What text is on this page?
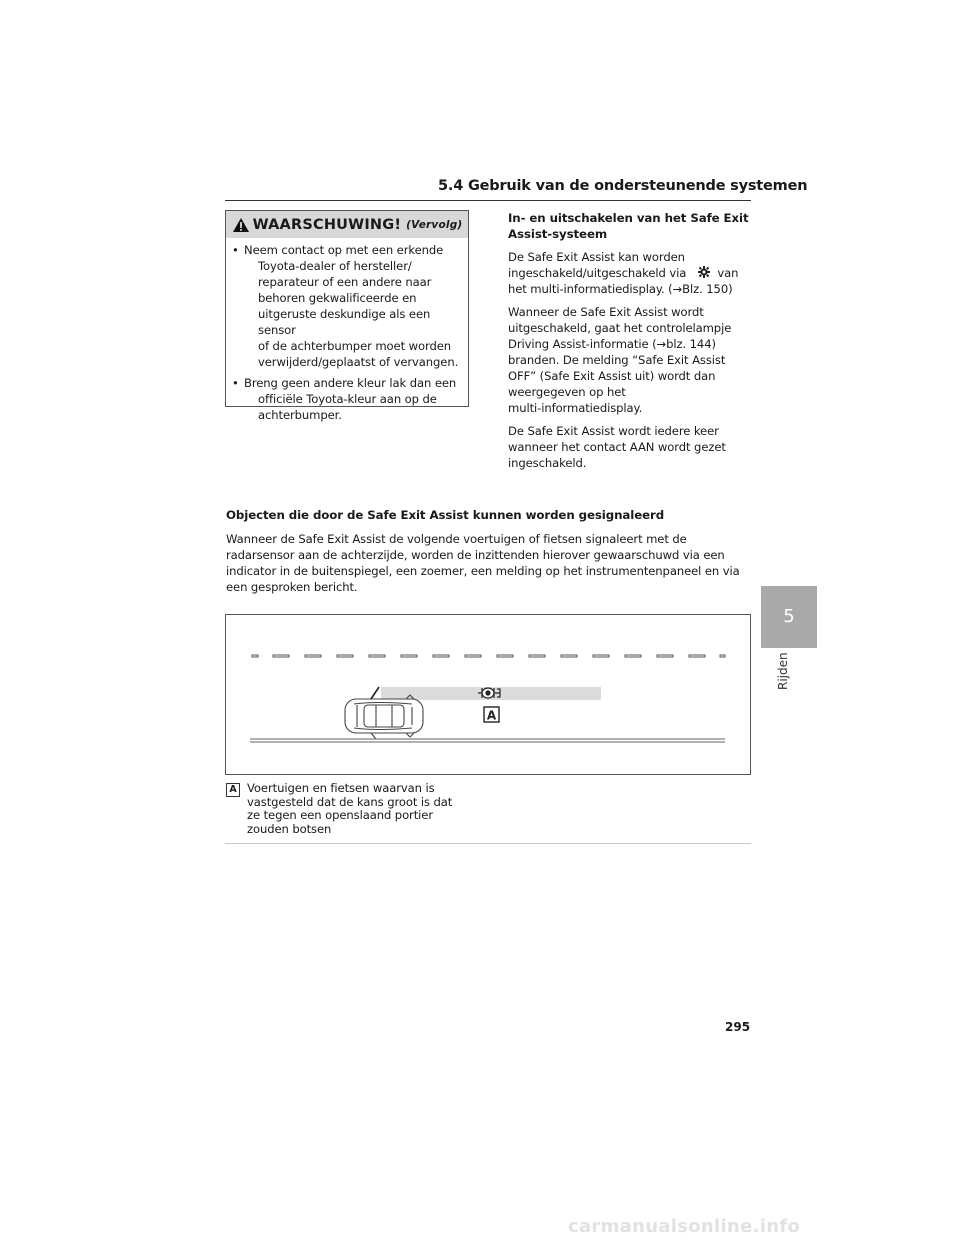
5.4 Gebruik van de ondersteunende systemen
WAARSCHUWING! (Vervolg)
• Neem contact op met een erkende
Toyota-dealer of hersteller/
reparateur of een andere naar
behoren gekwalificeerde en
uitgeruste deskundige als een sensor
of de achterbumper moet worden
verwijderd/geplaatst of vervangen.
• Breng geen andere kleur lak dan een
officiële Toyota-kleur aan op de
achterbumper.

In- en uitschakelen van het Safe Exit
Assist-systeem

De Safe Exit Assist kan worden
ingeschakeld/uitgeschakeld via	van
het multi-informatiedisplay. (→Blz. 150)

Wanneer de Safe Exit Assist wordt
uitgeschakeld, gaat het controlelampje
Driving Assist-informatie (→blz. 144)
branden. De melding “Safe Exit Assist
OFF” (Safe Exit Assist uit) wordt dan
weergegeven op het
multi-informatiedisplay.

De Safe Exit Assist wordt iedere keer
wanneer het contact AAN wordt gezet
ingeschakeld.

Objecten die door de Safe Exit Assist kunnen worden gesignaleerd
Wanneer de Safe Exit Assist de volgende voertuigen of fietsen signaleert met de
radarsensor aan de achterzijde, worden de inzittenden hierover gewaarschuwd via een
indicator in de buitenspiegel, een zoemer, een melding op het instrumentenpaneel en via
een gesproken bericht.
A
A Voertuigen en fietsen waarvan is
vastgesteld dat de kans groot is dat
ze tegen een openslaand portier
zouden botsen
5
Rijden
295
carmanualsonline.info
